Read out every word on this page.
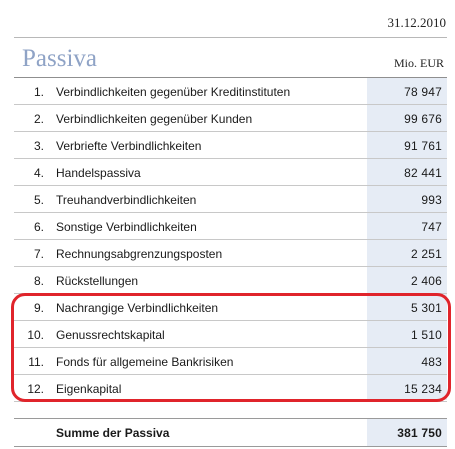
31.12.2010
Passiva	Mio. EUR
1. Verbindlichkeiten gegenüber Kreditinstituten	78 947
2. Verbindlichkeiten gegenüber Kunden	99 676
3. Verbriefte Verbindlichkeiten	91 761
4. Handelspassiva	82 441
5. Treuhandverbindlichkeiten	993
6. Sonstige Verbindlichkeiten	747
7. Rechnungsabgrenzungsposten	2 251
8. Rückstellungen	2 406
9. Nachrangige Verbindlichkeiten	5 301
10. Genussrechtskapital	1 510
11. Fonds für allgemeine Bankrisiken	483
12. Eigenkapital	15 234
Summe der Passiva	381 750
